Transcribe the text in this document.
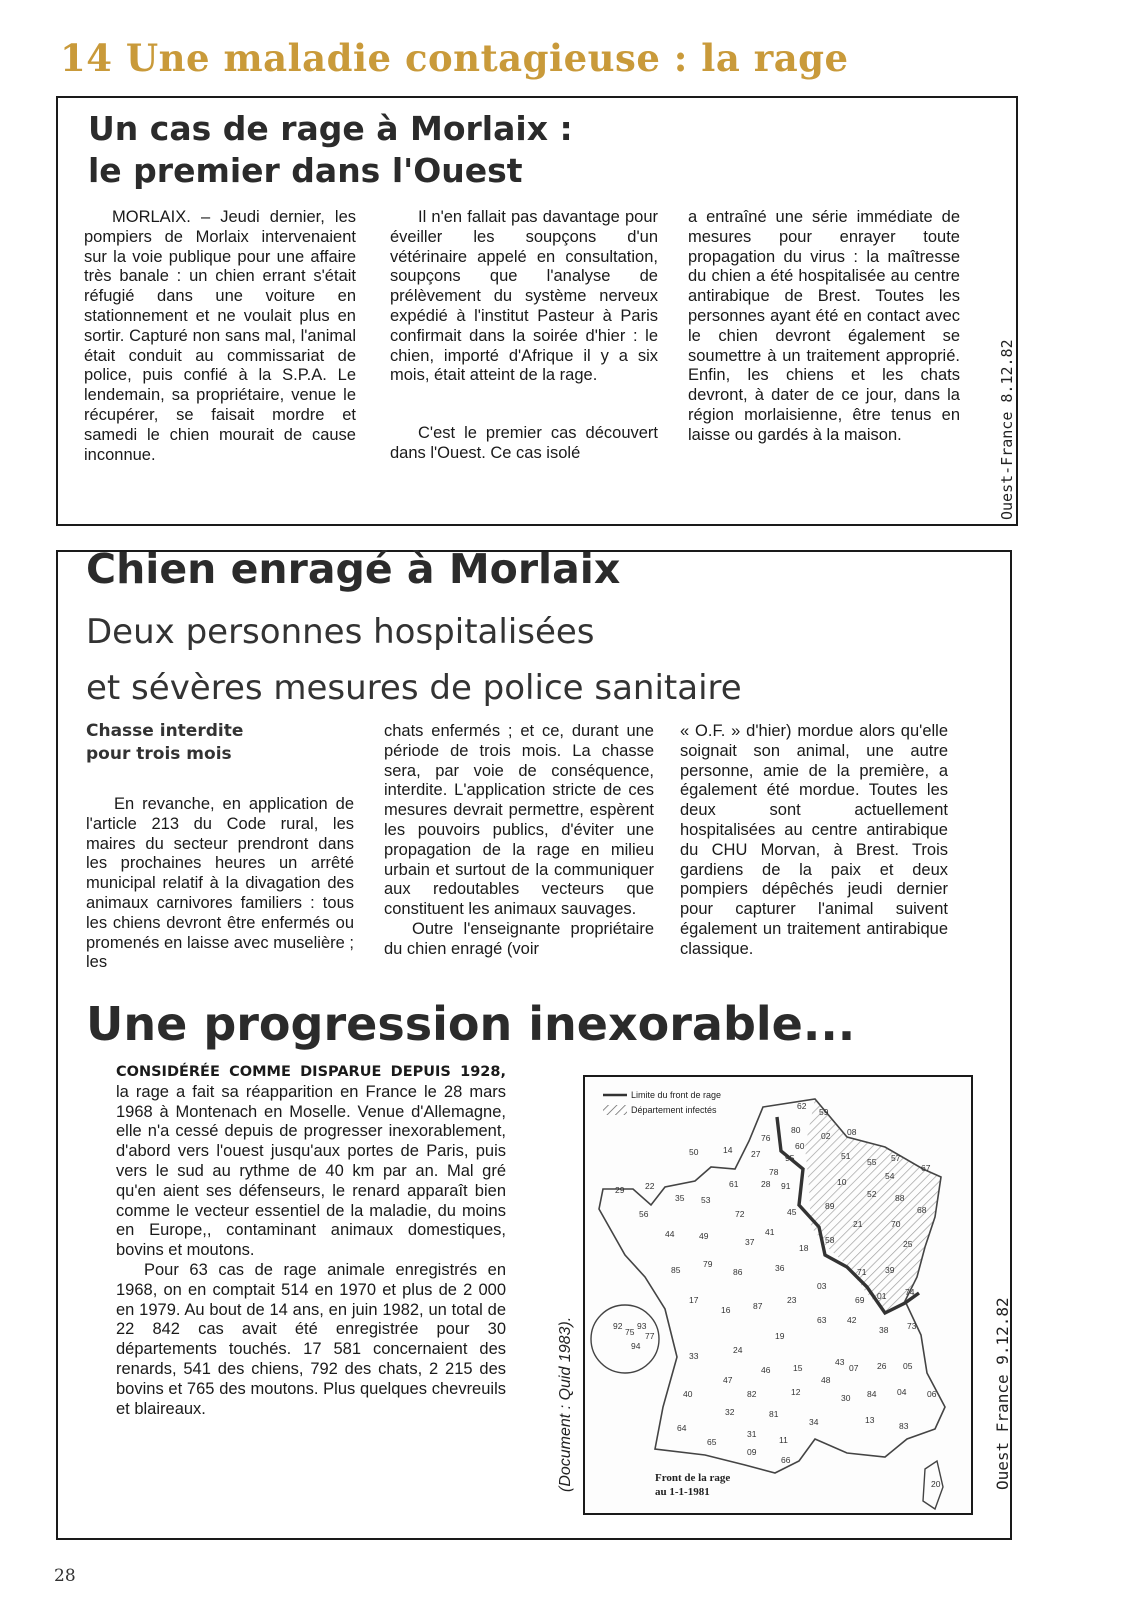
14 Une maladie contagieuse : la rage
Un cas de rage à Morlaix :
le premier dans l'Ouest

MORLAIX. – Jeudi dernier, les pompiers de Morlaix intervenaient sur la voie publique pour une affaire très banale : un chien errant s'était réfugié dans une voiture en stationnement et ne voulait plus en sortir. Capturé non sans mal, l'animal était conduit au commissariat de police, puis confié à la S.P.A. Le lendemain, sa propriétaire, venue le récupérer, se faisait mordre et samedi le chien mourait de cause inconnue.

Il n'en fallait pas davantage pour éveiller les soupçons d'un vétérinaire appelé en consultation, soupçons que l'analyse de prélèvement du système nerveux expédié à l'institut Pasteur à Paris confirmait dans la soirée d'hier : le chien, importé d'Afrique il y a six mois, était atteint de la rage.

C'est le premier cas découvert dans l'Ouest. Ce cas isolé

a entraîné une série immédiate de mesures pour enrayer toute propagation du virus : la maîtresse du chien a été hospitalisée au centre antirabique de Brest. Toutes les personnes ayant été en contact avec le chien devront également se soumettre à un traitement approprié. Enfin, les chiens et les chats devront, à dater de ce jour, dans la région morlaisienne, être tenus en laisse ou gardés à la maison.	Ouest-France 8.12.82
Chien enragé à Morlaix
Deux personnes hospitalisées
et sévères mesures de police sanitaire
Chasse interdite
pour trois mois

En revanche, en application de l'article 213 du Code rural, les maires du secteur prendront dans les prochaines heures un arrêté municipal relatif à la divagation des animaux carnivores familiers : tous les chiens devront être enfermés ou promenés en laisse avec muselière ; les

chats enfermés ; et ce, durant une période de trois mois. La chasse sera, par voie de conséquence, interdite. L'application stricte de ces mesures devrait permettre, espèrent les pouvoirs publics, d'éviter une propagation de la rage en milieu urbain et surtout de la communiquer aux redoutables vecteurs que constituent les animaux sauvages.

Outre l'enseignante propriétaire du chien enragé (voir

« O.F. » d'hier) mordue alors qu'elle soignait son animal, une autre personne, amie de la première, a également été mordue. Toutes les deux sont actuellement hospitalisées au centre antirabique du CHU Morvan, à Brest. Trois gardiens de la paix et deux pompiers dépêchés jeudi dernier pour capturer l'animal suivent également un traitement antirabique classique.

Une progression inexorable...

CONSIDÉRÉE COMME DISPARUE DEPUIS 1928, la rage a fait sa réapparition en France le 28 mars 1968 à Montenach en Moselle. Venue d'Allemagne, elle n'a cessé depuis de progresser inexorablement, d'abord vers l'ouest jusqu'aux portes de Paris, puis vers le sud au rythme de 40 km par an. Mal gré qu'en aient ses défenseurs, le renard apparaît bien comme le vecteur essentiel de la maladie, du moins en Europe,, contaminant animaux domestiques, bovins et moutons.

Pour 63 cas de rage animale enregistrés en 1968, on en comptait 514 en 1970 et plus de 2 000 en 1979. Au bout de 14 ans, en juin 1982, un total de 22 842 cas avait été enregistrée pour 30 départements touchés. 17 581 concernaient des renards, 541 des chiens, 792 des chats, 2 215 des bovins et 765 des moutons. Plus quelques chevreuils et blaireaux.	(Document : Quid 1983).
Limite du front de rage
Département infectés	62
59
80
02 08
76
60
14
50	27	95	51	57
55
67
29 22
35 53
61	28
78
91	10
54
88
68
56
44	49
72	45
89
52
70
25
85
79
86	36
37
41
18
58
21
71 39
17
16	87
23
03
69 01 74
73
38
33
24
19
15
63 42
43	26 05
46
40
47
82	12
48
07
32	81
30 84 04 06
64
31
11
34	13
83
65
09
66
20
92
75
93
94
77
Front de la rage
au 1-1-1981
Ouest France 9.12.82
28
